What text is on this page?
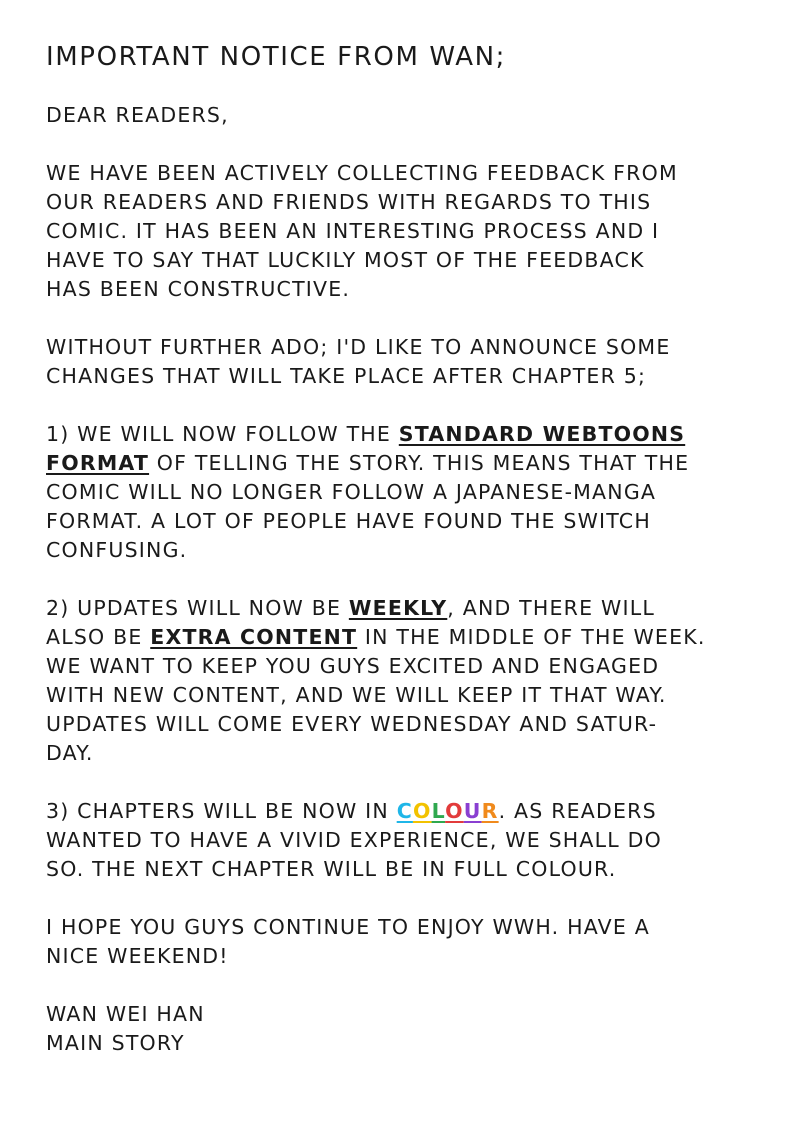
IMPORTANT NOTICE FROM WAN;
DEAR READERS,
WE HAVE BEEN ACTIVELY COLLECTING FEEDBACK FROM
OUR READERS AND FRIENDS WITH REGARDS TO THIS
COMIC. IT HAS BEEN AN INTERESTING PROCESS AND I
HAVE TO SAY THAT LUCKILY MOST OF THE FEEDBACK
HAS BEEN CONSTRUCTIVE.
WITHOUT FURTHER ADO; I'D LIKE TO ANNOUNCE SOME
CHANGES THAT WILL TAKE PLACE AFTER CHAPTER 5;
1) WE WILL NOW FOLLOW THE STANDARD WEBTOONS
FORMAT OF TELLING THE STORY. THIS MEANS THAT THE
COMIC WILL NO LONGER FOLLOW A JAPANESE-MANGA
FORMAT. A LOT OF PEOPLE HAVE FOUND THE SWITCH
CONFUSING.
2) UPDATES WILL NOW BE WEEKLY, AND THERE WILL
ALSO BE EXTRA CONTENT IN THE MIDDLE OF THE WEEK.
WE WANT TO KEEP YOU GUYS EXCITED AND ENGAGED
WITH NEW CONTENT, AND WE WILL KEEP IT THAT WAY.
UPDATES WILL COME EVERY WEDNESDAY AND SATUR-
DAY.
3) CHAPTERS WILL BE NOW IN COLOUR. AS READERS
WANTED TO HAVE A VIVID EXPERIENCE, WE SHALL DO
SO. THE NEXT CHAPTER WILL BE IN FULL COLOUR.
I HOPE YOU GUYS CONTINUE TO ENJOY WWH. HAVE A
NICE WEEKEND!
WAN WEI HAN
MAIN STORY
